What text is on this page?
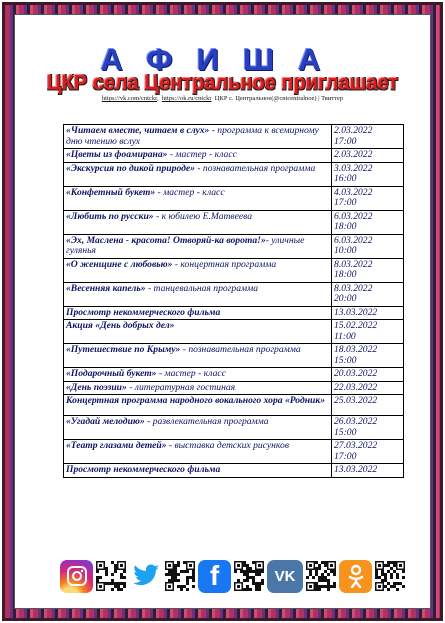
АФИША
ЦКР села Центральное приглашает
https://vk.com/cntckr,  https://ok.ru/cntckr ЦКР с. Центральное(@cntcentralnoe) | Твиттер
«Читаем вместе, читаем в слух» - программа к всемирному дню чтению вслух	2.03.2022
17:00

«Цветы из фоамирана» - мастер - класс	2.03.2022

«Экскурсия по дикой природе» - познавательная программа	3.03.2022
16:00

«Конфетный букет» - мастер - класс	4.03.2022
17:00

«Любить по русски» - к юбилею Е.Матвеева	6.03.2022
18:00

«Эх, Масленa - красота! Отворяй-ка ворота!»- уличные гулянья	6.03.2022
10:00

«О женщине с любовью» - концертная программа	8.03.2022
18:00

«Весенняя капель» - танцевальная программа	8.03.2022
20:00

Просмотр некоммерческого фильма	13.03.2022

Акция «День добрых дел»	15.02.2022
11:00

«Путешествие по Крыму» - познавательная программа	18.03.2022
15:00

«Подарочный букет» - мастер - класс	20.03.2022

«День поэзии» - литературная гостиная	22.03.2022

Концертная программа народного вокального хора «Родник»	25.03.2022

«Угадай мелодию» - развлекательная программа	26.03.2022
15:00

«Театр глазами детей» - выставка детских рисунков	27.03.2022
17:00

Просмотр некоммерческого фильма	13.03.2022
f	VK
